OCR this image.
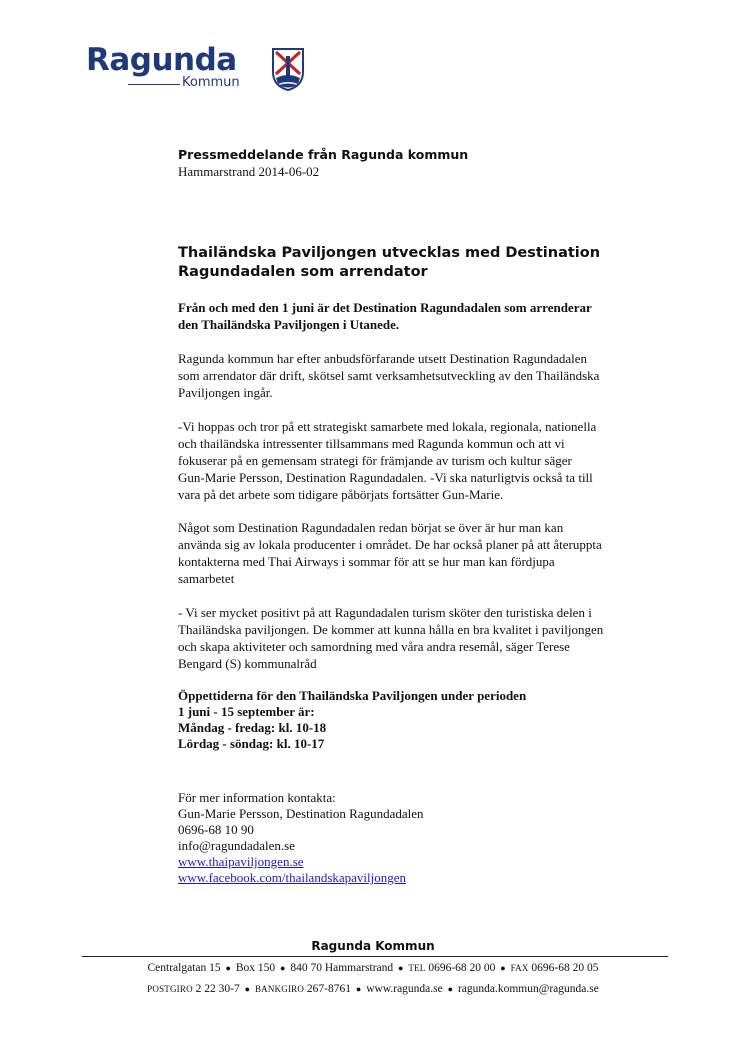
Ragunda
Kommun
Pressmeddelande från Ragunda kommun
Hammarstrand 2014-06-02
Thailändska Paviljongen utvecklas med Destination
Ragundadalen som arrendator
Från och med den 1 juni är det Destination Ragundadalen som arrenderar
den Thailändska Paviljongen i Utanede.
Ragunda kommun har efter anbudsförfarande utsett Destination Ragundadalen
som arrendator där drift, skötsel samt verksamhetsutveckling av den Thailändska
Paviljongen ingår.
-Vi hoppas och tror på ett strategiskt samarbete med lokala, regionala, nationella
och thailändska intressenter tillsammans med Ragunda kommun och att vi
fokuserar på en gemensam strategi för främjande av turism och kultur säger
Gun-Marie Persson, Destination Ragundadalen. -Vi ska naturligtvis också ta till
vara på det arbete som tidigare påbörjats fortsätter Gun-Marie.
Något som Destination Ragundadalen redan börjat se över är hur man kan
använda sig av lokala producenter i området. De har också planer på att återuppta
kontakterna med Thai Airways i sommar för att se hur man kan fördjupa
samarbetet
- Vi ser mycket positivt på att Ragundadalen turism sköter den turistiska delen i
Thailändska paviljongen. De kommer att kunna hålla en bra kvalitet i paviljongen
och skapa aktiviteter och samordning med våra andra resemål, säger Terese
Bengard (S) kommunalråd
Öppettiderna för den Thailändska Paviljongen under perioden
1 juni - 15 september är:
Måndag - fredag: kl. 10-18
Lördag - söndag: kl. 10-17
För mer information kontakta:
Gun-Marie Persson, Destination Ragundadalen
0696-68 10 90
info@ragundadalen.se
www.thaipaviljongen.se
www.facebook.com/thailandskapaviljongen
Ragunda Kommun
Centralgatan 15 ● Box 150 ● 840 70 Hammarstrand ● TEL 0696-68 20 00 ● FAX 0696-68 20 05
POSTGIRO 2 22 30-7 ● BANKGIRO 267-8761 ● www.ragunda.se ● ragunda.kommun@ragunda.se
